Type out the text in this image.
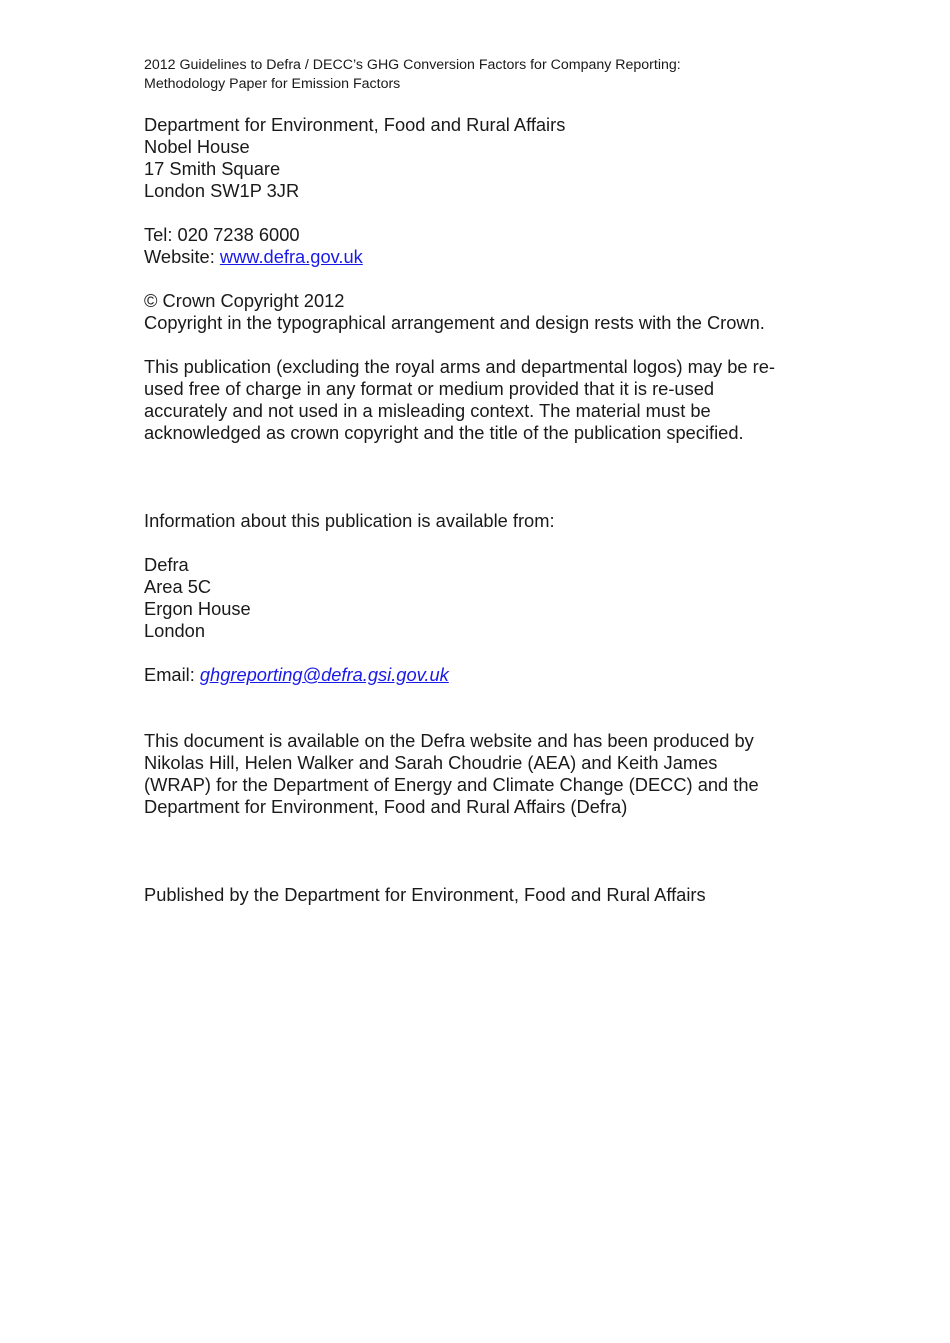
2012 Guidelines to Defra / DECC’s GHG Conversion Factors for Company Reporting:
Methodology Paper for Emission Factors
Department for Environment, Food and Rural Affairs
Nobel House
17 Smith Square
London SW1P 3JR
Tel: 020 7238 6000
Website: www.defra.gov.uk
© Crown Copyright 2012
Copyright in the typographical arrangement and design rests with the Crown.
This publication (excluding the royal arms and departmental logos) may be re-
used free of charge in any format or medium provided that it is re-used
accurately and not used in a misleading context. The material must be
acknowledged as crown copyright and the title of the publication specified.
Information about this publication is available from:
Defra
Area 5C
Ergon House
London
Email: ghgreporting@defra.gsi.gov.uk
This document is available on the Defra website and has been produced by
Nikolas Hill, Helen Walker and Sarah Choudrie (AEA) and Keith James
(WRAP) for the Department of Energy and Climate Change (DECC) and the
Department for Environment, Food and Rural Affairs (Defra)
Published by the Department for Environment, Food and Rural Affairs
